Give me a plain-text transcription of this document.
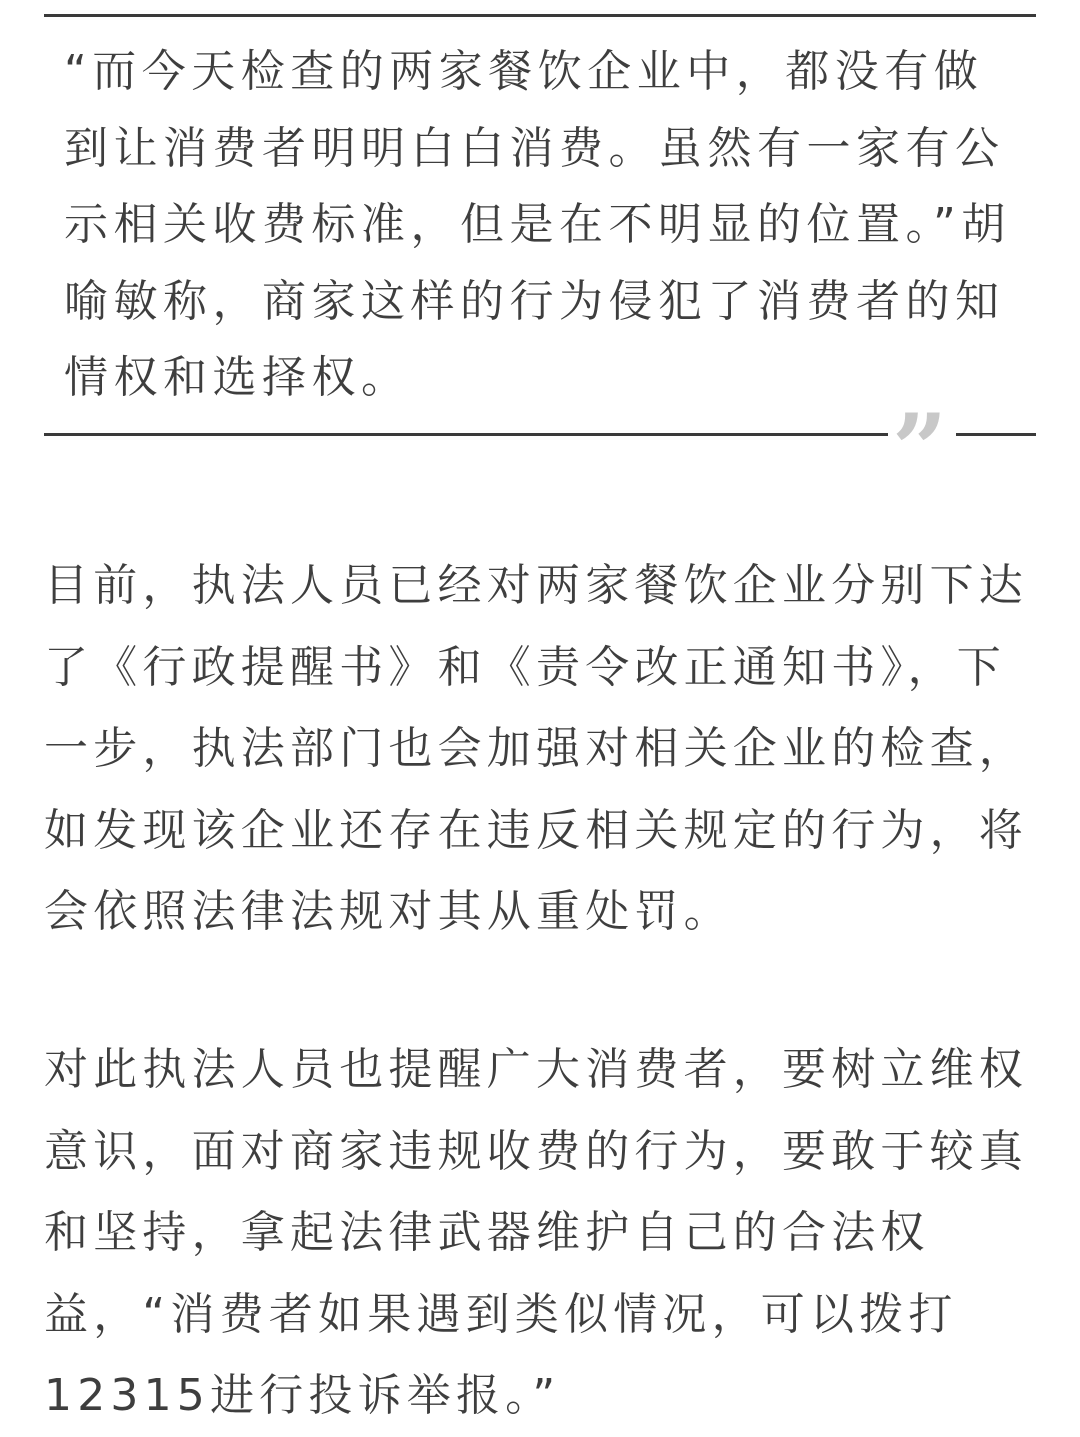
“而今天检查的两家餐饮企业中，都没有做到让消费者明明白白消费。虽然有一家有公示相关收费标准，但是在不明显的位置。”胡喻敏称，商家这样的行为侵犯了消费者的知情权和选择权。

”

目前，执法人员已经对两家餐饮企业分别下达了《行政提醒书》和《责令改正通知书》，下一步，执法部门也会加强对相关企业的检查，如发现该企业还存在违反相关规定的行为，将会依照法律法规对其从重处罚。

对此执法人员也提醒广大消费者，要树立维权意识，面对商家违规收费的行为，要敢于较真和坚持，拿起法律武器维护自己的合法权益，“消费者如果遇到类似情况，可以拨打12315进行投诉举报。”
